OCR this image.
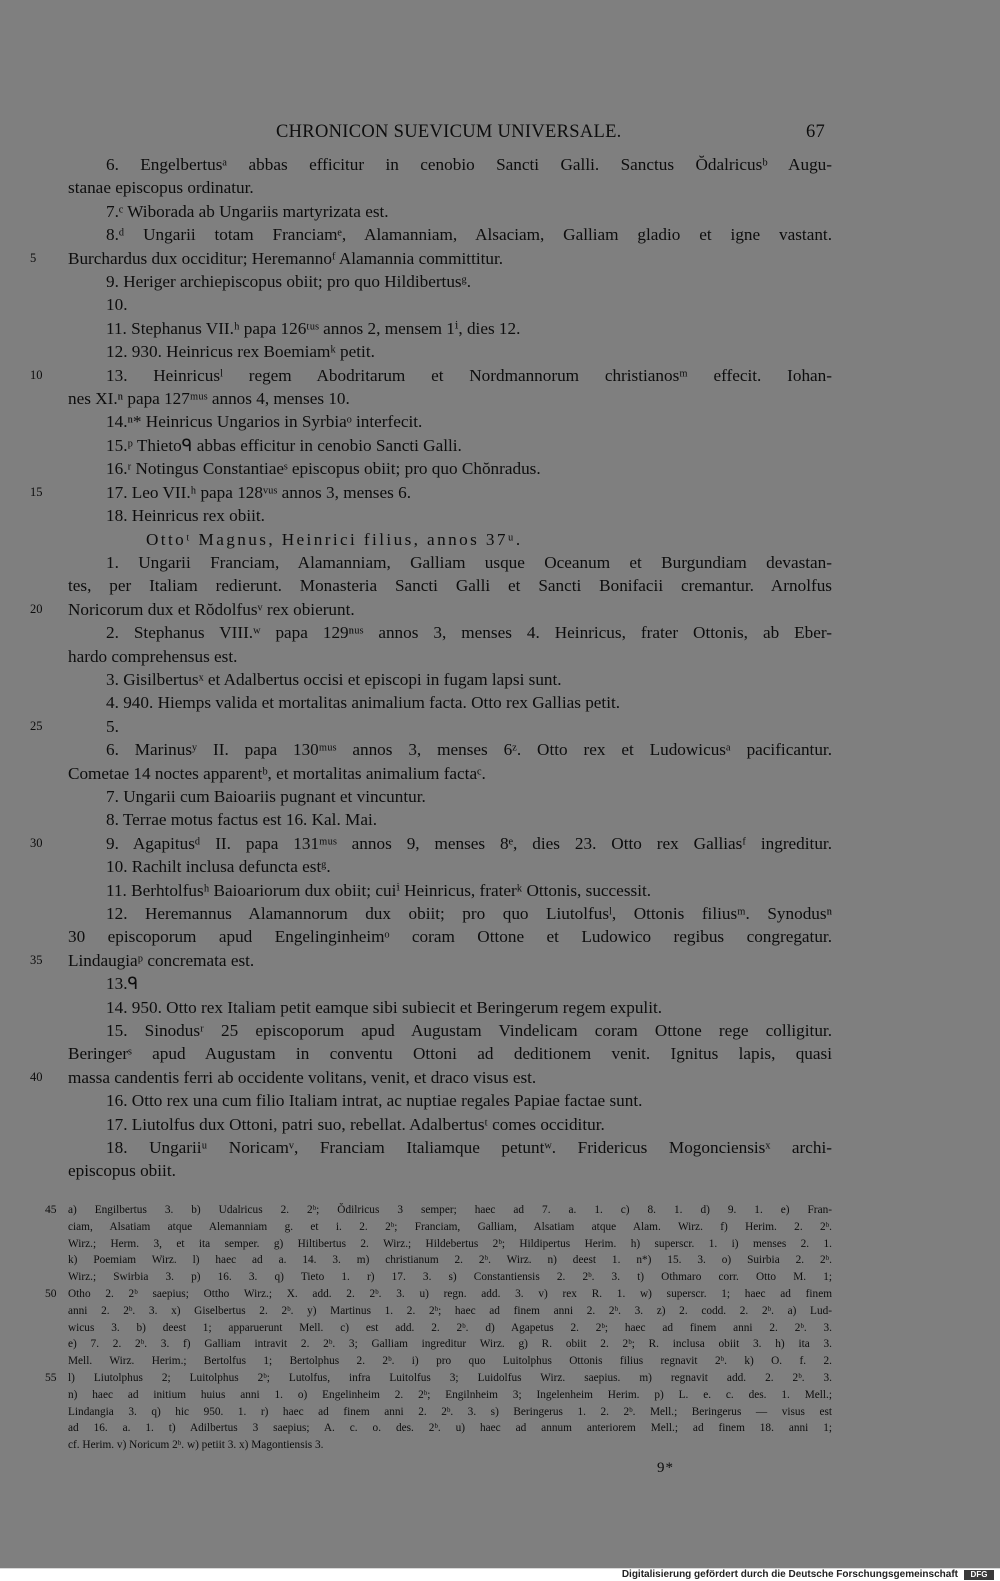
CHRONICON SUEVICUM UNIVERSALE.	67
6. Engelbertusᵃ abbas efficitur in cenobio Sancti Galli. Sanctus Ŏdalricusᵇ Augu-
stanae episcopus ordinatur.
7.ᶜ Wiborada ab Ungariis martyrizata est.
8.ᵈ Ungarii totam Franciamᵉ, Alamanniam, Alsaciam, Galliam gladio et igne vastant.
5	Burchardus dux occiditur; Heremannoᶠ Alamannia committitur.
9. Heriger archiepiscopus obiit; pro quo Hildibertusᵍ.
10.
11. Stephanus VII.ʰ papa 126ᵗᵘˢ annos 2, mensem 1ⁱ, dies 12.
12. 930. Heinricus rex Boemiamᵏ petit.
10	13. Heinricusˡ regem Abodritarum et Nordmannorum christianosᵐ effecit. Iohan-
nes XI.ⁿ papa 127ᵐᵘˢ annos 4, menses 10.
14.ⁿ* Heinricus Ungarios in Syrbiaᵒ interfecit.
15.ᵖ Thietoᑫ abbas efficitur in cenobio Sancti Galli.
16.ʳ Notingus Constantiaeˢ episcopus obiit; pro quo Chŏnradus.
15	17. Leo VII.ʰ papa 128ᵛᵘˢ annos 3, menses 6.
18. Heinricus rex obiit.
Ottoᵗ Magnus, Heinrici filius, annos 37ᵘ.
1. Ungarii Franciam, Alamanniam, Galliam usque Oceanum et Burgundiam devastan-
tes, per Italiam redierunt. Monasteria Sancti Galli et Sancti Bonifacii cremantur. Arnolfus
20	Noricorum dux et Rŏdolfusᵛ rex obierunt.
2. Stephanus VIII.ʷ papa 129ⁿᵘˢ annos 3, menses 4. Heinricus, frater Ottonis, ab Eber-
hardo comprehensus est.
3. Gisilbertusˣ et Adalbertus occisi et episcopi in fugam lapsi sunt.
4. 940. Hiemps valida et mortalitas animalium facta. Otto rex Gallias petit.
25	5.
6. Marinusʸ II. papa 130ᵐᵘˢ annos 3, menses 6ᶻ. Otto rex et Ludowicusᵃ pacificantur.
Cometae 14 noctes apparentᵇ, et mortalitas animalium factaᶜ.
7. Ungarii cum Baioariis pugnant et vincuntur.
8. Terrae motus factus est 16. Kal. Mai.
30	9. Agapitusᵈ II. papa 131ᵐᵘˢ annos 9, menses 8ᵉ, dies 23. Otto rex Galliasᶠ ingreditur.
10. Rachilt inclusa defuncta estᵍ.
11. Berhtolfusʰ Baioariorum dux obiit; cuiⁱ Heinricus, fraterᵏ Ottonis, successit.
12. Heremannus Alamannorum dux obiit; pro quo Liutolfusˡ, Ottonis filiusᵐ. Synodusⁿ
30 episcoporum apud Engelinginheimᵒ coram Ottone et Ludowico regibus congregatur.
35	Lindaugiaᵖ concremata est.
13.ᑫ
14. 950. Otto rex Italiam petit eamque sibi subiecit et Beringerum regem expulit.
15. Sinodusʳ 25 episcoporum apud Augustam Vindelicam coram Ottone rege colligitur.
Beringerˢ apud Augustam in conventu Ottoni ad deditionem venit. Ignitus lapis, quasi
40	massa candentis ferri ab occidente volitans, venit, et draco visus est.
16. Otto rex una cum filio Italiam intrat, ac nuptiae regales Papiae factae sunt.
17. Liutolfus dux Ottoni, patri suo, rebellat. Adalbertusᵗ comes occiditur.
18. Ungariiᵘ Noricamᵛ, Franciam Italiamque petuntʷ. Fridericus Mogonciensisˣ archi-
episcopus obiit.
45	a) Engilbertus 3. b) Udalricus 2. 2ᵇ; Ŏdilricus 3 semper; haec ad 7. a. 1. c) 8. 1. d) 9. 1. e) Fran-
ciam, Alsatiam atque Alemanniam g. et i. 2. 2ᵇ; Franciam, Galliam, Alsatiam atque Alam. Wirz. f) Herim. 2. 2ᵇ.
Wirz.; Herm. 3, et ita semper. g) Hiltibertus 2. Wirz.; Hildebertus 2ᵇ; Hildipertus Herim. h) superscr. 1. i) menses 2. 1.
k) Poemiam Wirz. l) haec ad a. 14. 3. m) christianum 2. 2ᵇ. Wirz. n) deest 1. n*) 15. 3. o) Suirbia 2. 2ᵇ.
Wirz.; Swirbia 3. p) 16. 3. q) Tieto 1. r) 17. 3. s) Constantiensis 2. 2ᵇ. 3. t) Othmaro corr. Otto M. 1;
50	Otho 2. 2ᵇ saepius; Ottho Wirz.; X. add. 2. 2ᵇ. 3. u) regn. add. 3. v) rex R. 1. w) superscr. 1; haec ad finem
anni 2. 2ᵇ. 3. x) Giselbertus 2. 2ᵇ. y) Martinus 1. 2. 2ᵇ; haec ad finem anni 2. 2ᵇ. 3. z) 2. codd. 2. 2ᵇ. a) Lud-
wicus 3. b) deest 1; apparuerunt Mell. c) est add. 2. 2ᵇ. d) Agapetus 2. 2ᵇ; haec ad finem anni 2. 2ᵇ. 3.
e) 7. 2. 2ᵇ. 3. f) Galliam intravit 2. 2ᵇ. 3; Galliam ingreditur Wirz. g) R. obiit 2. 2ᵇ; R. inclusa obiit 3. h) ita 3.
Mell. Wirz. Herim.; Bertolfus 1; Bertolphus 2. 2ᵇ. i) pro quo Luitolphus Ottonis filius regnavit 2ᵇ. k) O. f. 2.
55	l) Liutolphus 2; Luitolphus 2ᵇ; Lutolfus, infra Luitolfus 3; Luidolfus Wirz. saepius. m) regnavit add. 2. 2ᵇ. 3.
n) haec ad initium huius anni 1. o) Engelinheim 2. 2ᵇ; Engilnheim 3; Ingelenheim Herim. p) L. e. c. des. 1. Mell.;
Lindangia 3. q) hic 950. 1. r) haec ad finem anni 2. 2ᵇ. 3. s) Beringerus 1. 2. 2ᵇ. Mell.; Beringerus — visus est
ad 16. a. 1. t) Adilbertus 3 saepius; A. c. o. des. 2ᵇ. u) haec ad annum anteriorem Mell.; ad finem 18. anni 1;
cf. Herim. v) Noricum 2ᵇ. w) petiit 3. x) Magontiensis 3.
9*
Digitalisierung gefördert durch die Deutsche Forschungsgemeinschaft	DFG
